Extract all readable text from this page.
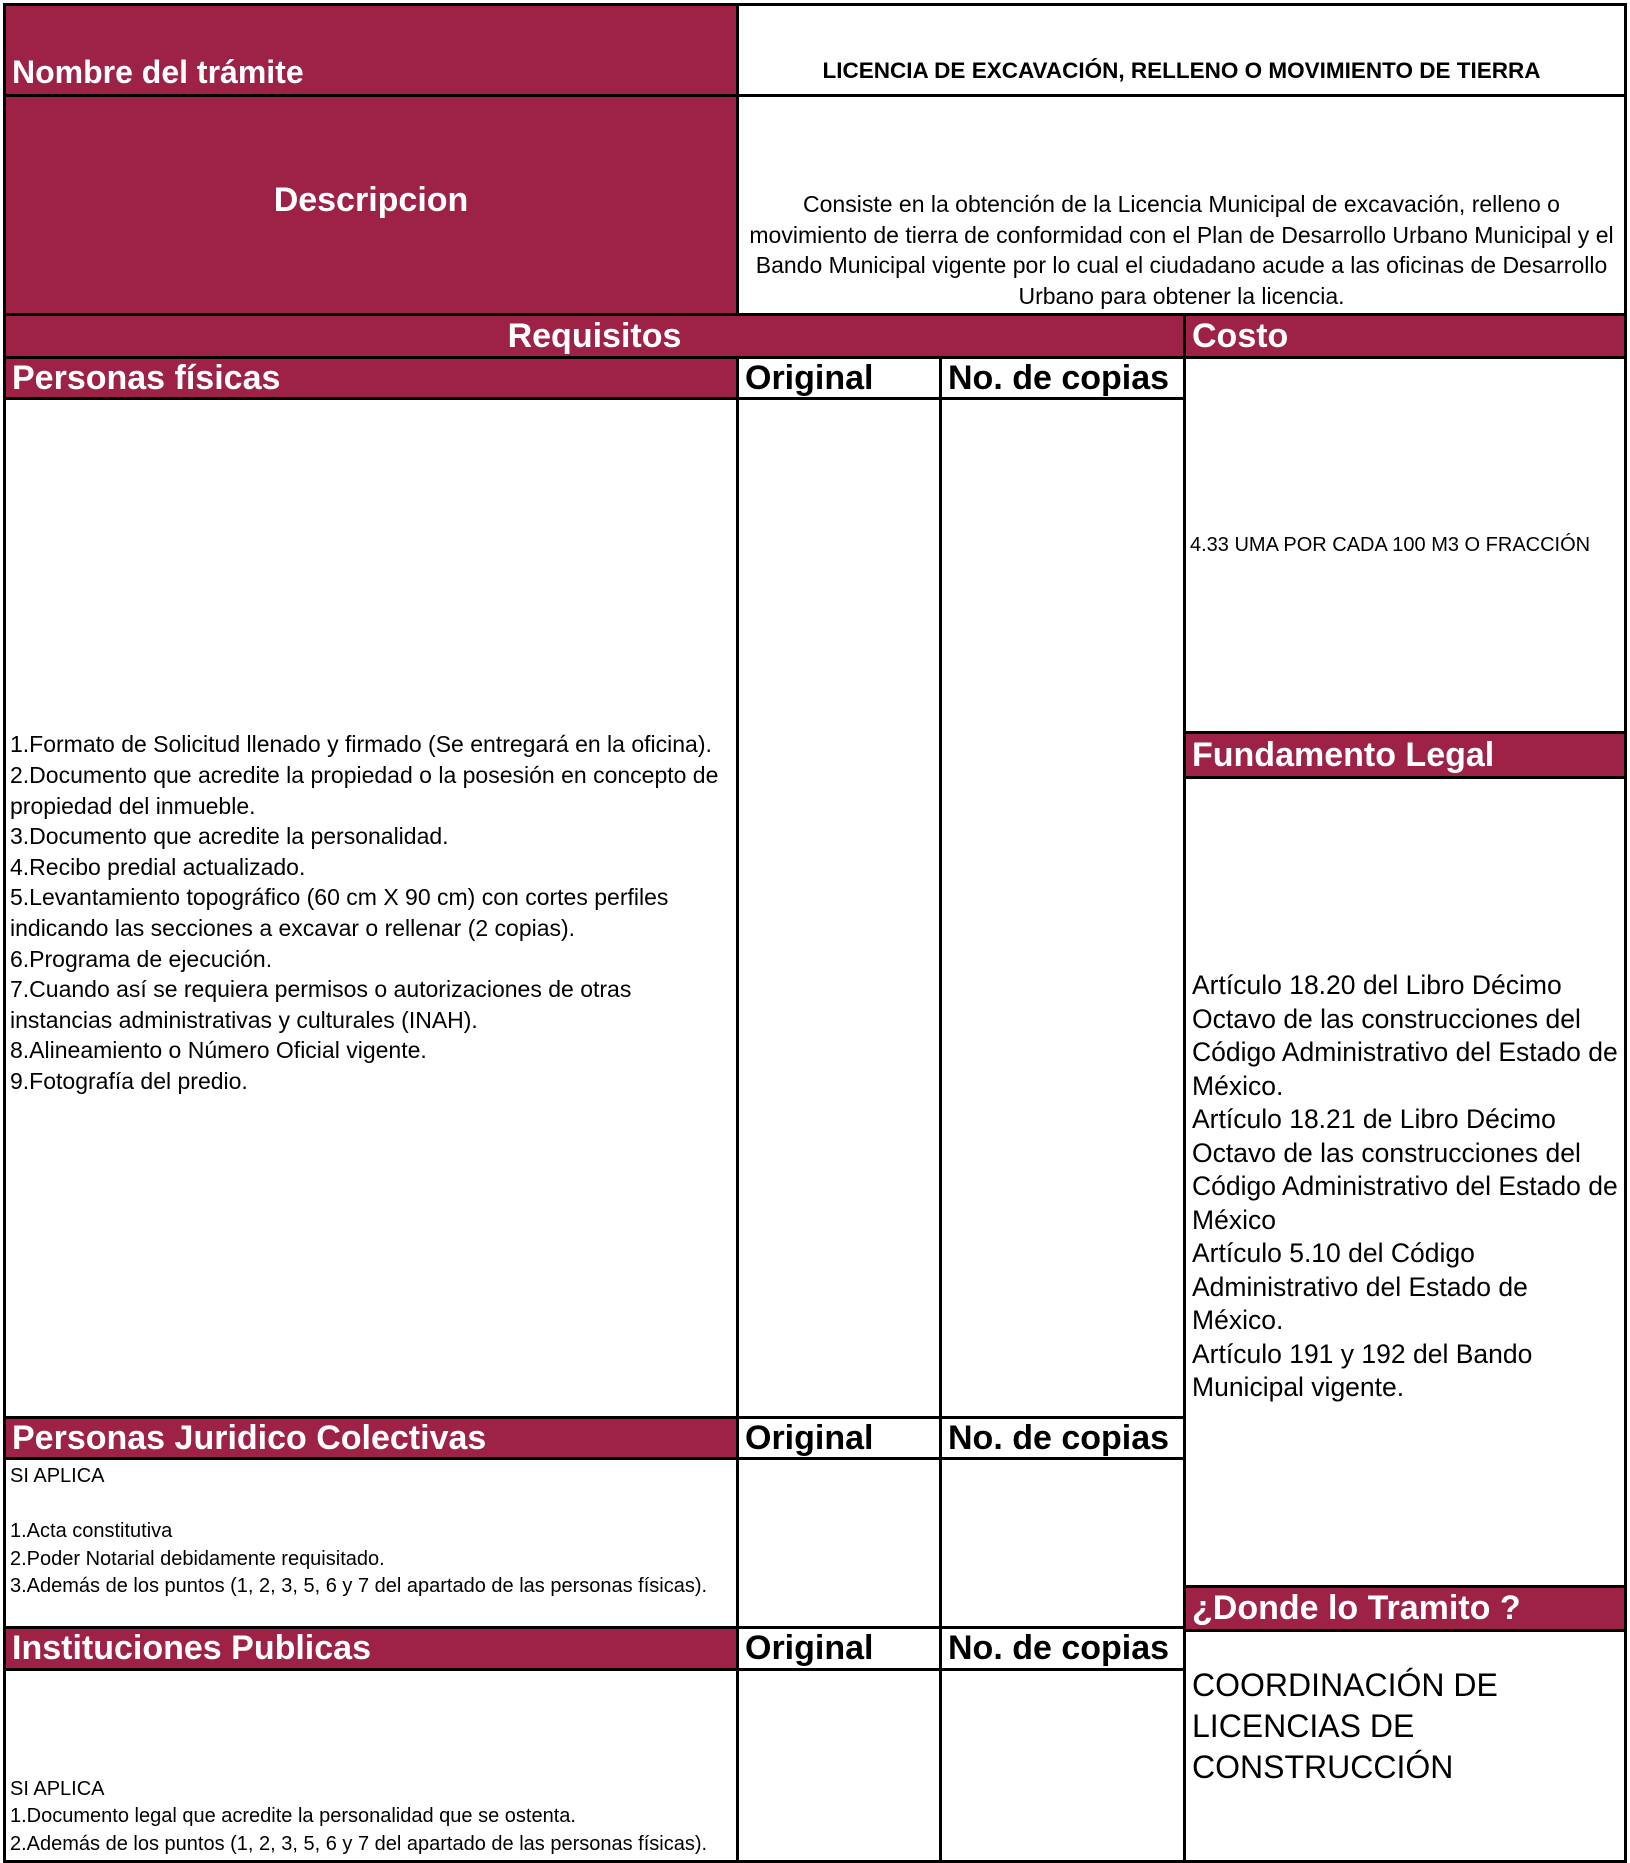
Nombre del trámite	LICENCIA DE EXCAVACIÓN, RELLENO O MOVIMIENTO DE TIERRA
Descripcion	Consiste en la obtención de la Licencia Municipal de excavación, relleno o movimiento de tierra de conformidad con el Plan de Desarrollo Urbano Municipal y el Bando Municipal vigente por lo cual el ciudadano acude a las oficinas de Desarrollo Urbano para obtener la licencia.
Requisitos	Costo
Personas físicas	Original	No. de copias
1.Formato de Solicitud llenado y firmado (Se entregará en la oficina).
2.Documento que acredite la propiedad o la posesión en concepto de propiedad del inmueble.
3.Documento que acredite la personalidad.
4.Recibo predial actualizado.
5.Levantamiento topográfico (60 cm X 90 cm) con cortes perfiles indicando las secciones a excavar o rellenar (2 copias).
6.Programa de ejecución.
7.Cuando así se requiera permisos o autorizaciones de otras instancias administrativas y culturales (INAH).
8.Alineamiento o Número Oficial vigente.
9.Fotografía del predio.
4.33 UMA POR CADA 100 M3 O FRACCIÓN
Fundamento Legal
Artículo 18.20 del Libro Décimo Octavo de las construcciones del Código Administrativo del Estado de México.
Artículo 18.21 de Libro Décimo Octavo de las construcciones del Código Administrativo del Estado de México
Artículo 5.10 del Código Administrativo del Estado de México.
Artículo 191 y 192 del Bando Municipal vigente.
Personas Juridico Colectivas	Original	No. de copias
SI APLICA
1.Acta constitutiva
2.Poder Notarial debidamente requisitado.
3.Además de los puntos (1, 2, 3, 5, 6 y 7 del apartado de las personas físicas).
¿Donde lo Tramito ?
COORDINACIÓN DE LICENCIAS DE CONSTRUCCIÓN
Instituciones Publicas	Original	No. de copias
SI APLICA
1.Documento legal que acredite la personalidad que se ostenta.
2.Además de los puntos (1, 2, 3, 5, 6 y 7 del apartado de las personas físicas).
